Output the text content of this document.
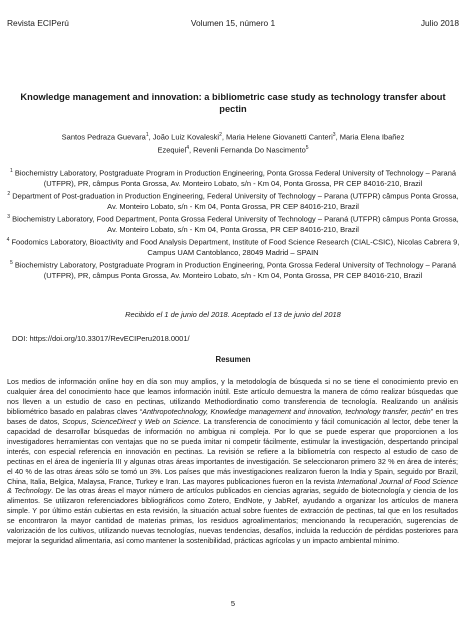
Revista ECIPerú	Volumen 15, número 1	Julio 2018
Knowledge management and innovation: a bibliometric case study as technology transfer about pectin
Santos Pedraza Guevara$^1$, João Luiz Kovaleski$^2$, Maria Helene Giovanetti Canteri$^3$, Maria Elena Ibañez
Ezequiel$^4$, Revenli Fernanda Do Nascimento$^5$

$^1$ Biochemistry Laboratory, Postgraduate Program in Production Engineering, Ponta Grossa Federal University of Technology – Paraná (UTFPR), PR, câmpus Ponta Grossa, Av. Monteiro Lobato, s/n - Km 04, Ponta Grossa, PR CEP 84016-210, Brazil

$^2$ Department of Post-graduation in Production Engineering, Federal University of Technology – Parana (UTFPR) câmpus Ponta Grossa, Av. Monteiro Lobato, s/n - Km 04, Ponta Grossa, PR CEP 84016-210, Brazil

$^3$ Biochemistry Laboratory, Food Department, Ponta Grossa Federal University of Technology – Paraná (UTFPR) câmpus Ponta Grossa, Av. Monteiro Lobato, s/n - Km 04, Ponta Grossa, PR CEP 84016-210, Brazil

$^4$ Foodomics Laboratory, Bioactivity and Food Analysis Department, Institute of Food Science Research (CIAL-CSIC), Nicolas Cabrera 9, Campus UAM Cantoblanco, 28049 Madrid – SPAIN

$^5$ Biochemistry Laboratory, Postgraduate Program in Production Engineering, Ponta Grossa Federal University of Technology – Paraná (UTFPR), PR, câmpus Ponta Grossa, Av. Monteiro Lobato, s/n - Km 04, Ponta Grossa, PR CEP 84016-210, Brazil

Recibido el 1 de junio del 2018. Aceptado el 13 de junio del 2018
DOI: https://doi.org/10.33017/RevECIPeru2018.0001/
Resumen

Los medios de información online hoy en día son muy amplios, y la metodología de búsqueda si no se tiene el conocimiento previo en cualquier área del conocimiento hace que leamos información inútil. Este artículo demuestra la manera de cómo realizar búsquedas que nos lleven a un estudio de caso en pectinas, utilizando Methodiordinatio como transferencia de tecnología. Realizando un análisis bibliométrico basado en palabras claves “Anthropotechnology, Knowledge management and innovation, technology transfer, pectin” en tres bases de datos, Scopus, ScienceDirect y Web on Science. La transferencia de conocimiento y fácil comunicación al lector, debe tener la capacidad de desarrollar búsquedas de información no ambigua ni compleja. Por lo que se puede esperar que proporcionen a los investigadores herramientas con ventajas que no se pueda imitar ni competir fácilmente, estimular la investigación, despertando principal interés, con especial referencia en innovación en pectinas. La revisión se refiere a la bibliometría con respecto al estudio de caso de pectinas en el área de ingeniería III y algunas otras áreas importantes de investigación. Se seleccionaron primero 32 % en área de interés; el 40 % de las otras áreas sólo se tomó un 3%. Los países que más investigaciones realizaron fueron la India y Spain, seguido por Brazil, China, Italia, Belgica, Malaysa, France, Turkey e Iran. Las mayores publicaciones fueron en la revista International Journal of Food Science & Technology. De las otras áreas el mayor número de artículos publicados en ciencias agrarias, seguido de biotecnología y ciencia de los alimentos. Se utilizaron referenciadores bibliográficos como Zotero, EndNote, y JabRef, ayudando a organizar los artículos de manera simple. Y por último están cubiertas en esta revisión, la situación actual sobre fuentes de extracción de pectinas, tal que en los resultados se encontraron la mayor cantidad de materias primas, los residuos agroalimentarios; mencionando la recuperación, sugerencias de valorización de los cultivos, utilizando nuevas tecnologías, nuevas tendencias, desafíos, incluida la reducción de pérdidas posteriores para mejorar la seguridad alimentaria, así como mantener la sostenibilidad, prácticas agrícolas y un impacto ambiental mínimo.

5
